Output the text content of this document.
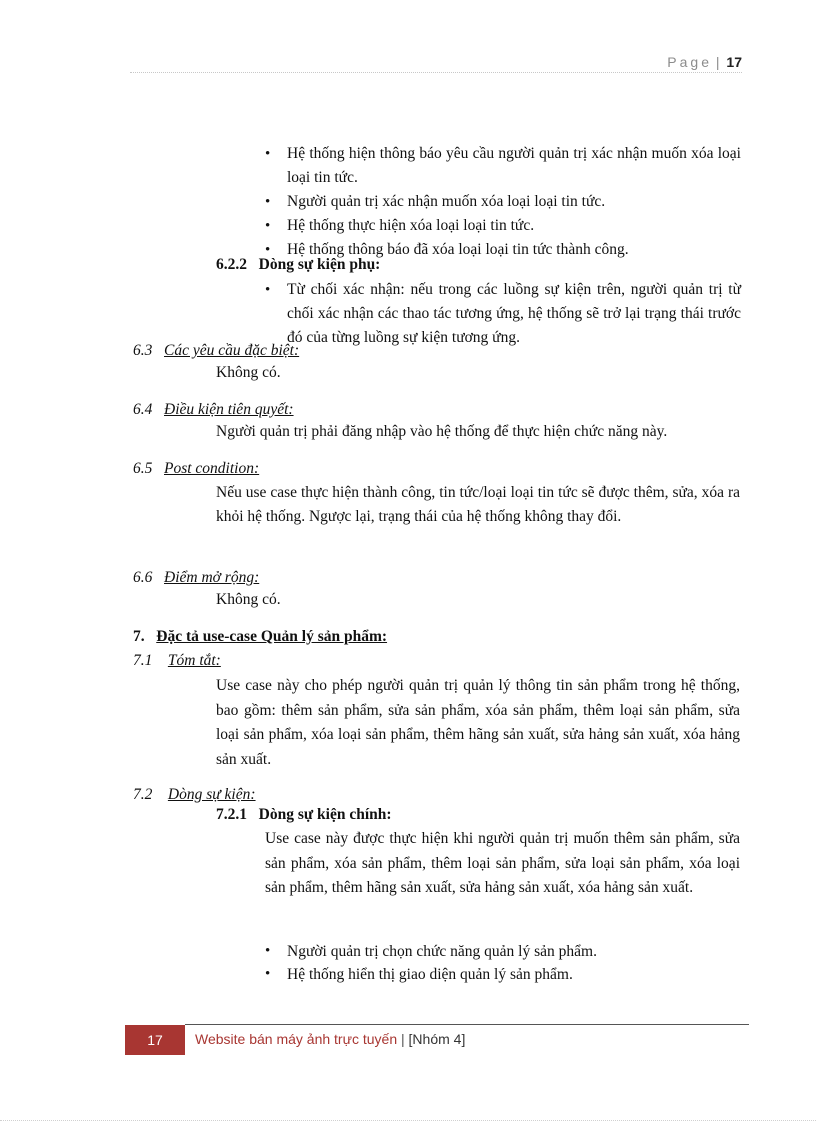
Page | 17
• Hệ thống hiện thông báo yêu cầu người quản trị xác nhận muốn xóa loại loại tin tức.
• Người quản trị xác nhận muốn xóa loại loại tin tức.
• Hệ thống thực hiện xóa loại loại tin tức.
• Hệ thống thông báo đã xóa loại loại tin tức thành công.
6.2.2 Dòng sự kiện phụ:
• Từ chối xác nhận: nếu trong các luồng sự kiện trên, người quản trị từ chối xác nhận các thao tác tương ứng, hệ thống sẽ trở lại trạng thái trước đó của từng luồng sự kiện tương ứng.
6.3 Các yêu cầu đặc biệt:
Không có.
6.4 Điều kiện tiên quyết:
Người quản trị phải đăng nhập vào hệ thống để thực hiện chức năng này.
6.5 Post condition:
Nếu use case thực hiện thành công, tin tức/loại loại tin tức sẽ được thêm, sửa, xóa ra khỏi hệ thống. Ngược lại, trạng thái của hệ thống không thay đổi.
6.6 Điểm mở rộng:
Không có.
7. Đặc tả use-case Quản lý sản phẩm:
7.1 Tóm tắt:
Use case này cho phép người quản trị quản lý thông tin sản phẩm trong hệ thống, bao gồm: thêm sản phẩm, sửa sản phẩm, xóa sản phẩm, thêm loại sản phẩm, sửa loại sản phẩm, xóa loại sản phẩm, thêm hãng sản xuất, sửa hảng sản xuất, xóa hảng sản xuất.
7.2 Dòng sự kiện:
7.2.1 Dòng sự kiện chính:
Use case này được thực hiện khi người quản trị muốn thêm sản phẩm, sửa sản phẩm, xóa sản phẩm, thêm loại sản phẩm, sửa loại sản phẩm, xóa loại sản phẩm, thêm hãng sản xuất, sửa hảng sản xuất, xóa hảng sản xuất.
• Người quản trị chọn chức năng quản lý sản phẩm.
• Hệ thống hiển thị giao diện quản lý sản phẩm.
17	Website bán máy ảnh trực tuyến | [Nhóm 4]
